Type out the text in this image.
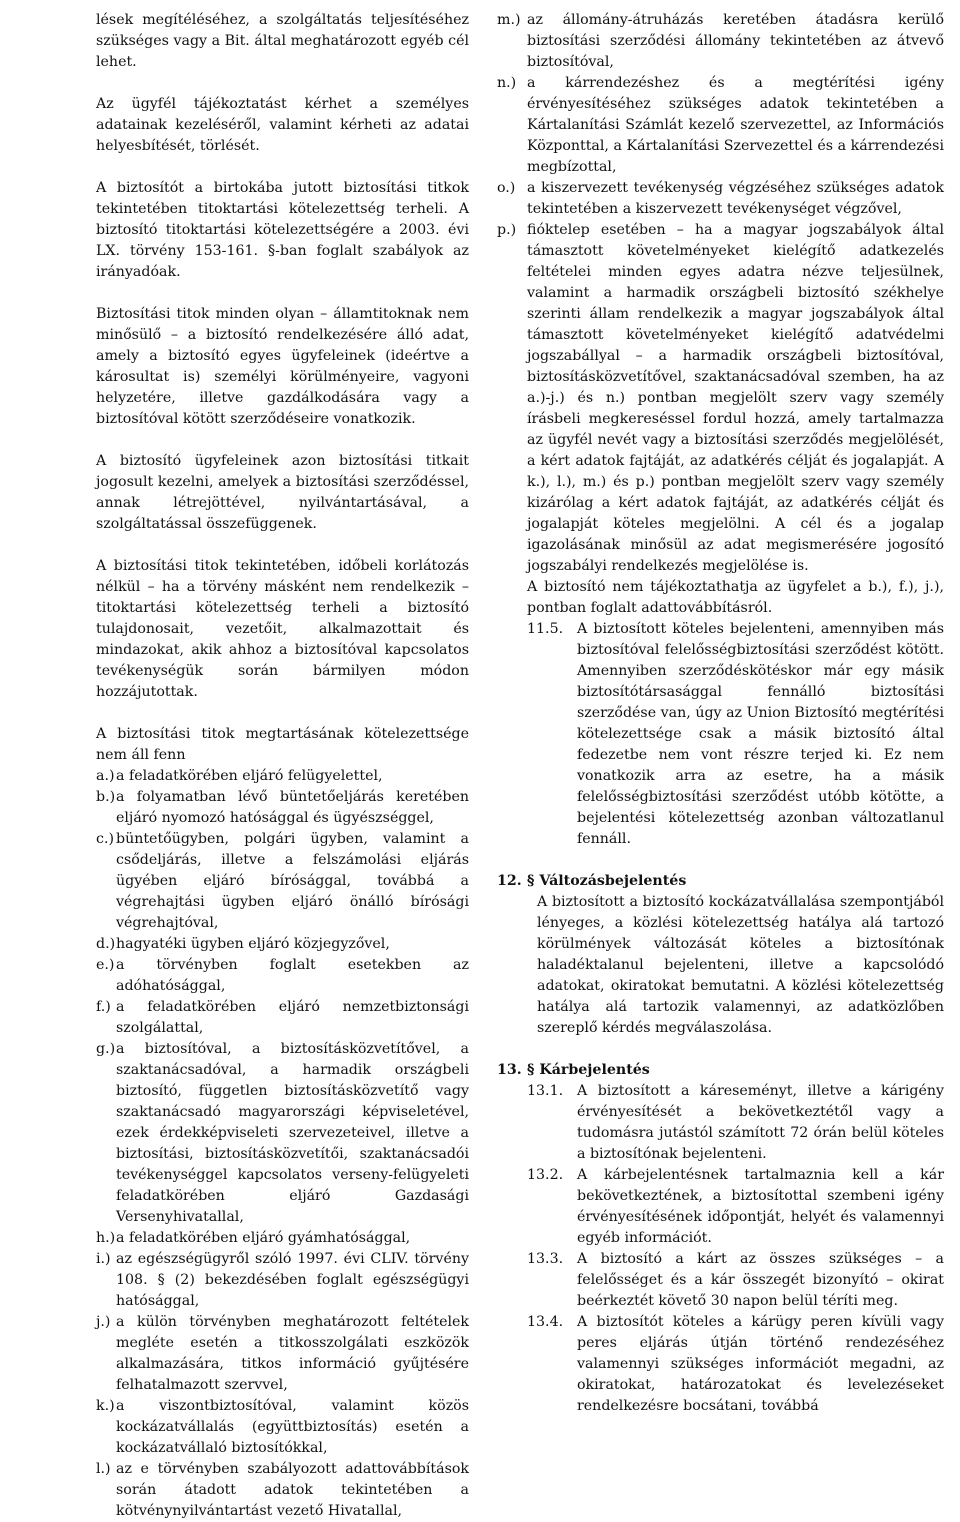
lések megítéléséhez, a szolgáltatás teljesítéséhez szükséges vagy a Bit. által meghatározott egyéb cél lehet.

Az ügyfél tájékoztatást kérhet a személyes adatainak kezeléséről, valamint kérheti az adatai helyesbítését, törlését.

A biztosítót a birtokába jutott biztosítási titkok tekintetében titoktartási kötelezettség terheli. A biztosító titoktartási kötelezettségére a 2003. évi LX. törvény 153-161. §-ban foglalt szabályok az irányadóak.

Biztosítási titok minden olyan – államtitoknak nem minősülő – a biztosító rendelkezésére álló adat, amely a biztosító egyes ügyfeleinek (ideértve a károsultat is) személyi körülményeire, vagyoni helyzetére, illetve gazdálkodására vagy a biztosítóval kötött szerződéseire vonatkozik.

A biztosító ügyfeleinek azon biztosítási titkait jogosult kezelni, amelyek a biztosítási szerződéssel, annak létrejöttével, nyilvántartásával, a szolgáltatással összefüggenek.

A biztosítási titok tekintetében, időbeli korlátozás nélkül – ha a törvény másként nem rendelkezik – titoktartási kötelezettség terheli a biztosító tulajdonosait, vezetőit, alkalmazottait és mindazokat, akik ahhoz a biztosítóval kapcsolatos tevékenységük során bármilyen módon hozzájutottak.

A biztosítási titok megtartásának kötelezettsége nem áll fenn

a.) a feladatkörében eljáró felügyelettel,
b.) a folyamatban lévő büntetőeljárás keretében eljáró nyomozó hatósággal és ügyészséggel,
c.) büntetőügyben, polgári ügyben, valamint a csődeljárás, illetve a felszámolási eljárás ügyében eljáró bírósággal, továbbá a végrehajtási ügyben eljáró önálló bírósági végrehajtóval,
d.) hagyatéki ügyben eljáró közjegyzővel,
e.) a törvényben foglalt esetekben az adóhatósággal,
f.) a feladatkörében eljáró nemzetbiztonsági szolgálattal,
g.) a biztosítóval, a biztosításközvetítővel, a szaktanácsadóval, a harmadik országbeli biztosító, független biztosításközvetítő vagy szaktanácsadó magyarországi képviseletével, ezek érdekképviseleti szervezeteivel, illetve a biztosítási, biztosításközvetítői, szaktanácsadói tevékenységgel kapcsolatos verseny-felügyeleti feladatkörében eljáró Gazdasági Versenyhivatallal,
h.) a feladatkörében eljáró gyámhatósággal,
i.) az egészségügyről szóló 1997. évi CLIV. törvény 108. § (2) bekezdésében foglalt egészségügyi hatósággal,
j.) a külön törvényben meghatározott feltételek megléte esetén a titkosszolgálati eszközök alkalmazására, titkos információ gyűjtésére felhatalmazott szervvel,
k.) a viszontbiztosítóval, valamint közös kockázatvállalás (együttbiztosítás) esetén a kockázatvállaló biztosítókkal,
l.) az e törvényben szabályozott adattovábbítások során átadott adatok tekintetében a kötvénynyilvántartást vezető Hivatallal,
m.) az állomány-átruházás keretében átadásra kerülő biztosítási szerződési állomány tekintetében az átvevő biztosítóval,
n.) a kárrendezéshez és a megtérítési igény érvényesítéséhez szükséges adatok tekintetében a Kártalanítási Számlát kezelő szervezettel, az Információs Központtal, a Kártalanítási Szervezettel és a kárrendezési megbízottal,
o.) a kiszervezett tevékenység végzéséhez szükséges adatok tekintetében a kiszervezett tevékenységet végzővel,
p.) fióktelep esetében – ha a magyar jogszabályok által támasztott követelményeket kielégítő adatkezelés feltételei minden egyes adatra nézve teljesülnek, valamint a harmadik országbeli biztosító székhelye szerinti állam rendelkezik a magyar jogszabályok által támasztott követelményeket kielégítő adatvédelmi jogszabállyal – a harmadik országbeli biztosítóval, biztosításközvetítővel, szaktanácsadóval szemben, ha az a.)-j.) és n.) pontban megjelölt szerv vagy személy írásbeli megkereséssel fordul hozzá, amely tartalmazza az ügyfél nevét vagy a biztosítási szerződés megjelölését, a kért adatok fajtáját, az adatkérés célját és jogalapját. A k.), l.), m.) és p.) pontban megjelölt szerv vagy személy kizárólag a kért adatok fajtáját, az adatkérés célját és jogalapját köteles megjelölni. A cél és a jogalap igazolásának minősül az adat megismerésére jogosító jogszabályi rendelkezés megjelölése is.

A biztosító nem tájékoztathatja az ügyfelet a b.), f.), j.), pontban foglalt adattovábbításról.

11.5. A biztosított köteles bejelenteni, amennyiben más biztosítóval felelősségbiztosítási szerződést kötött. Amennyiben szerződéskötéskor már egy másik biztosítótársasággal fennálló biztosítási szerződése van, úgy az Union Biztosító megtérítési kötelezettsége csak a másik biztosító által fedezetbe nem vont részre terjed ki. Ez nem vonatkozik arra az esetre, ha a másik felelősségbiztosítási szerződést utóbb kötötte, a bejelentési kötelezettség azonban változatlanul fennáll.
12. § Változásbejelentés

A biztosított a biztosító kockázatvállalása szempontjából lényeges, a közlési kötelezettség hatálya alá tartozó körülmények változását köteles a biztosítónak haladéktalanul bejelenteni, illetve a kapcsolódó adatokat, okiratokat bemutatni. A közlési kötelezettség hatálya alá tartozik valamennyi, az adatközlőben szereplő kérdés megválaszolása.

13. § Kárbejelentés
13.1. A biztosított a káreseményt, illetve a kárigény érvényesítését a bekövetkeztétől vagy a tudomásra jutástól számított 72 órán belül köteles a biztosítónak bejelenteni.
13.2. A kárbejelentésnek tartalmaznia kell a kár bekövetkeztének, a biztosítottal szembeni igény érvényesítésének időpontját, helyét és valamennyi egyéb információt.
13.3. A biztosító a kárt az összes szükséges – a felelősséget és a kár összegét bizonyító – okirat beérkeztét követő 30 napon belül téríti meg.
13.4. A biztosítót köteles a kárügy peren kívüli vagy peres eljárás útján történő rendezéséhez valamennyi szükséges információt megadni, az okiratokat, határozatokat és levelezéseket rendelkezésre bocsátani, továbbá
